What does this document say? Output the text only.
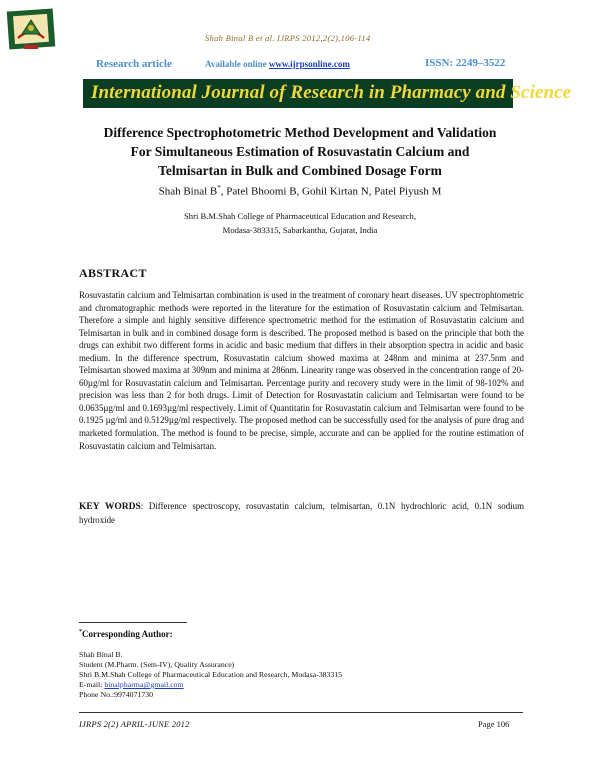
Shah Binal B et al. IJRPS 2012,2(2),106-114
Research article	Available online www.ijrpsonline.com	ISSN: 2249–3522
International Journal of Research in Pharmacy and Science
Difference Spectrophotometric Method Development and Validation
For Simultaneous Estimation of Rosuvastatin Calcium and
Telmisartan in Bulk and Combined Dosage Form
Shah Binal B*, Patel Bhoomi B, Gohil Kirtan N, Patel Piyush M
Shri B.M.Shah College of Pharmaceutical Education and Research,
Modasa-383315, Sabarkantha, Gujarat, India
ABSTRACT
Rosuvastatin calcium and Telmisartan combination is used in the treatment of coronary heart diseases. UV spectrophtometric and chromatographic methods were reported in the literature for the estimation of Rosuvastatin calcium and Telmisartan. Therefore a simple and highly sensitive difference spectrometric method for the estimation of Rosuvastatin calcium and Telmisartan in bulk and in combined dosage form is described. The proposed method is based on the principle that both the drugs can exhibit two different forms in acidic and basic medium that differs in their absorption spectra in acidic and basic medium. In the difference spectrum, Rosuvastatin calcium showed maxima at 248nm and minima at 237.5nm and Telmisartan showed maxima at 309nm and minima at 286nm. Linearity range was observed in the concentration range of 20-60µg/ml for Rosuvastatin calcium and Telmisartan. Percentage purity and recovery study were in the limit of 98-102% and precision was less than 2 for both drugs. Limit of Detection for Rosuvastatin calicium and Telmisartan were found to be 0.0635µg/ml and 0.1693µg/ml respectively. Limit of Quantitatin for Rosuvastatin calcium and Telmisartan were found to be 0.1925 µg/ml and 0.5129µg/ml respectively. The proposed method can be successfully used for the analysis of pure drug and marketed formulation. The method is found to be precise, simple, accurate and can be applied for the routine estimation of Rosuvastatin calcium and Telmisartan.
KEY WORDS: Difference spectroscopy, rosuvastatin calcium, telmisartan, 0.1N hydrochloric acid, 0.1N sodium hydroxide
*Corresponding Author:
Shah Binal B.
Student (M.Pharm. (Sem-IV), Quality Assurance)
Shri B.M.Shah College of Pharmaceutical Education and Research, Modasa-383315
E-mail: binalpharma@gmail.com
Phone No.:9974071730
IJRPS 2(2) APRIL-JUNE 2012	Page 106
